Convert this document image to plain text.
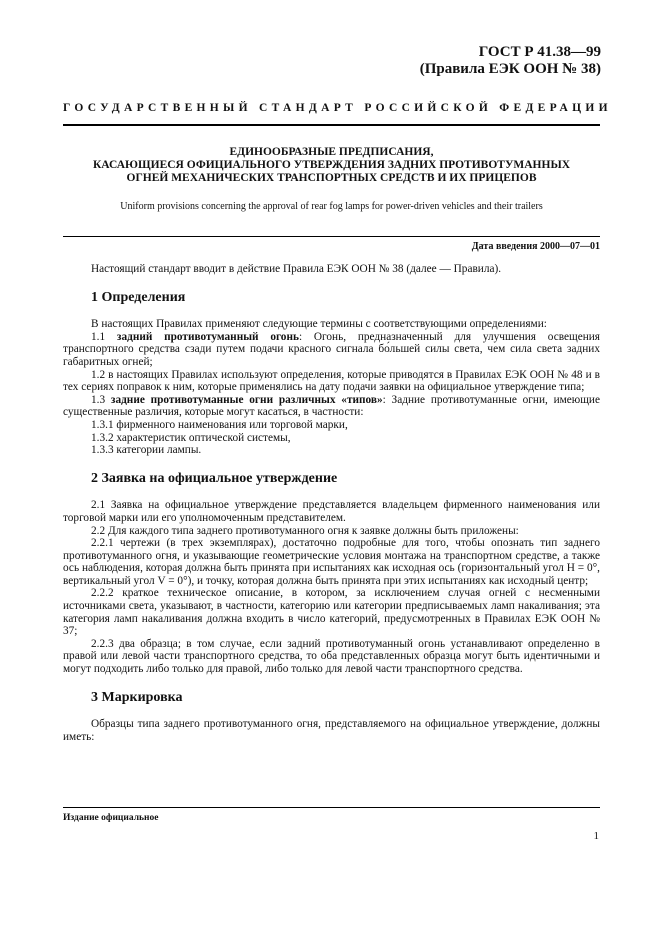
ГОСТ Р 41.38—99
(Правила ЕЭК ООН № 38)
ГОСУДАРСТВЕННЫЙ СТАНДАРТ РОССИЙСКОЙ ФЕДЕРАЦИИ
ЕДИНООБРАЗНЫЕ ПРЕДПИСАНИЯ,
КАСАЮЩИЕСЯ ОФИЦИАЛЬНОГО УТВЕРЖДЕНИЯ ЗАДНИХ ПРОТИВОТУМАННЫХ
ОГНЕЙ МЕХАНИЧЕСКИХ ТРАНСПОРТНЫХ СРЕДСТВ И ИХ ПРИЦЕПОВ
Uniform provisions concerning the approval of rear fog lamps for power-driven vehicles and their trailers
Дата введения 2000—07—01

Настоящий стандарт вводит в действие Правила ЕЭК ООН № 38 (далее — Правила).

1 Определения

В настоящих Правилах применяют следующие термины с соответствующими определениями:

1.1 задний противотуманный огонь: Огонь, предназначенный для улучшения освещения транспортного средства сзади путем подачи красного сигнала бо́льшей силы света, чем сила света задних габаритных огней;

1.2 в настоящих Правилах используют определения, которые приводятся в Правилах ЕЭК ООН № 48 и в тех сериях поправок к ним, которые применялись на дату подачи заявки на официальное утверждение типа;

1.3 задние противотуманные огни различных «типов»: Задние противотуманные огни, имеющие существенные различия, которые могут касаться, в частности:

1.3.1 фирменного наименования или торговой марки,

1.3.2 характеристик оптической системы,

1.3.3 категории лампы.

2 Заявка на официальное утверждение

2.1 Заявка на официальное утверждение представляется владельцем фирменного наименования или торговой марки или его уполномоченным представителем.

2.2 Для каждого типа заднего противотуманного огня к заявке должны быть приложены:

2.2.1 чертежи (в трех экземплярах), достаточно подробные для того, чтобы опознать тип заднего противотуманного огня, и указывающие геометрические условия монтажа на транспортном средстве, а также ось наблюдения, которая должна быть принята при испытаниях как исходная ось (горизонтальный угол H = 0°, вертикальный угол V = 0°), и точку, которая должна быть принята при этих испытаниях как исходный центр;

2.2.2 краткое техническое описание, в котором, за исключением случая огней с несменными источниками света, указывают, в частности, категорию или категории предписываемых ламп накаливания; эта категория ламп накаливания должна входить в число категорий, предусмотренных в Правилах ЕЭК ООН № 37;

2.2.3 два образца; в том случае, если задний противотуманный огонь устанавливают определенно в правой или левой части транспортного средства, то оба представленных образца могут быть идентичными и могут подходить либо только для правой, либо только для левой части транспортного средства.

3 Маркировка

Образцы типа заднего противотуманного огня, представляемого на официальное утверждение, должны иметь:

Издание официальное
1
